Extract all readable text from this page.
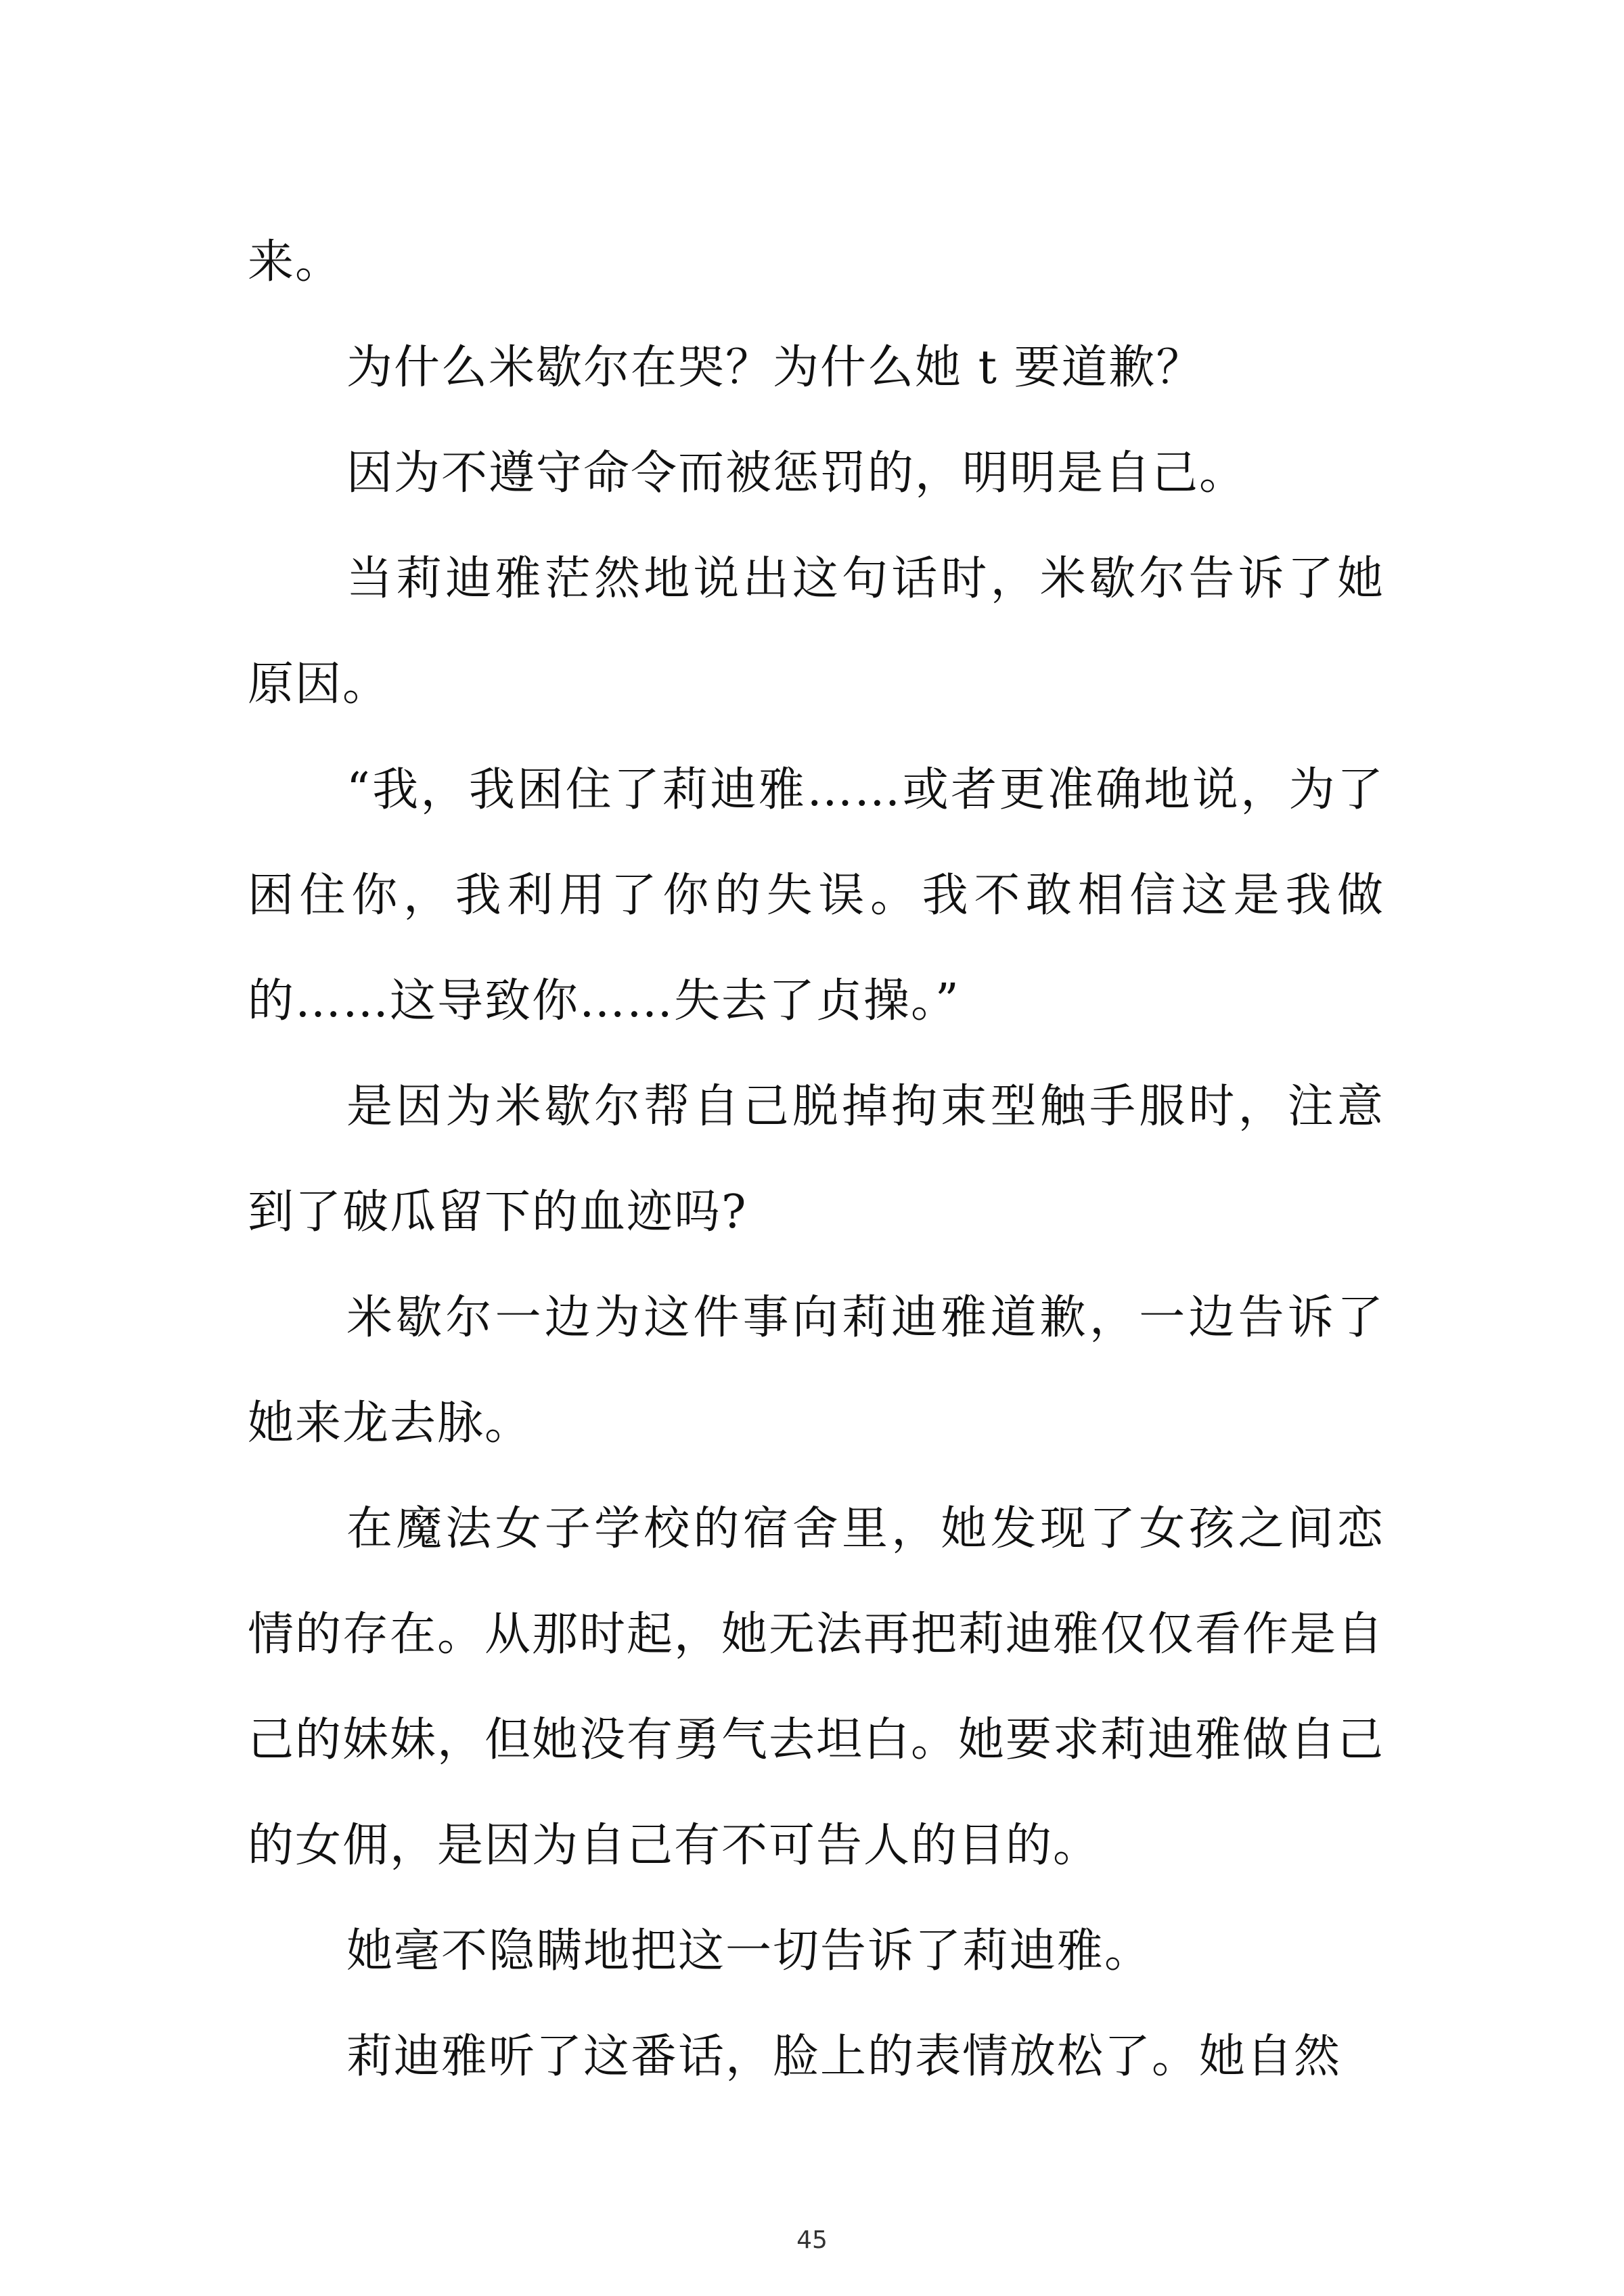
来。

为什么米歇尔在哭？为什么她 t 要道歉？

因为不遵守命令而被惩罚的，明明是自己。

当莉迪雅茫然地说出这句话时，米歇尔告诉了她原因。

“我，我困住了莉迪雅……或者更准确地说，为了困住你，我利用了你的失误。我不敢相信这是我做的……这导致你……失去了贞操。”

是因为米歇尔帮自己脱掉拘束型触手服时，注意到了破瓜留下的血迹吗?

米歇尔一边为这件事向莉迪雅道歉，一边告诉了她来龙去脉。

在魔法女子学校的宿舍里，她发现了女孩之间恋情的存在。从那时起，她无法再把莉迪雅仅仅看作是自己的妹妹，但她没有勇气去坦白。她要求莉迪雅做自己的女佣，是因为自己有不可告人的目的。

她毫不隐瞒地把这一切告诉了莉迪雅。

莉迪雅听了这番话，脸上的表情放松了。她自然

45
